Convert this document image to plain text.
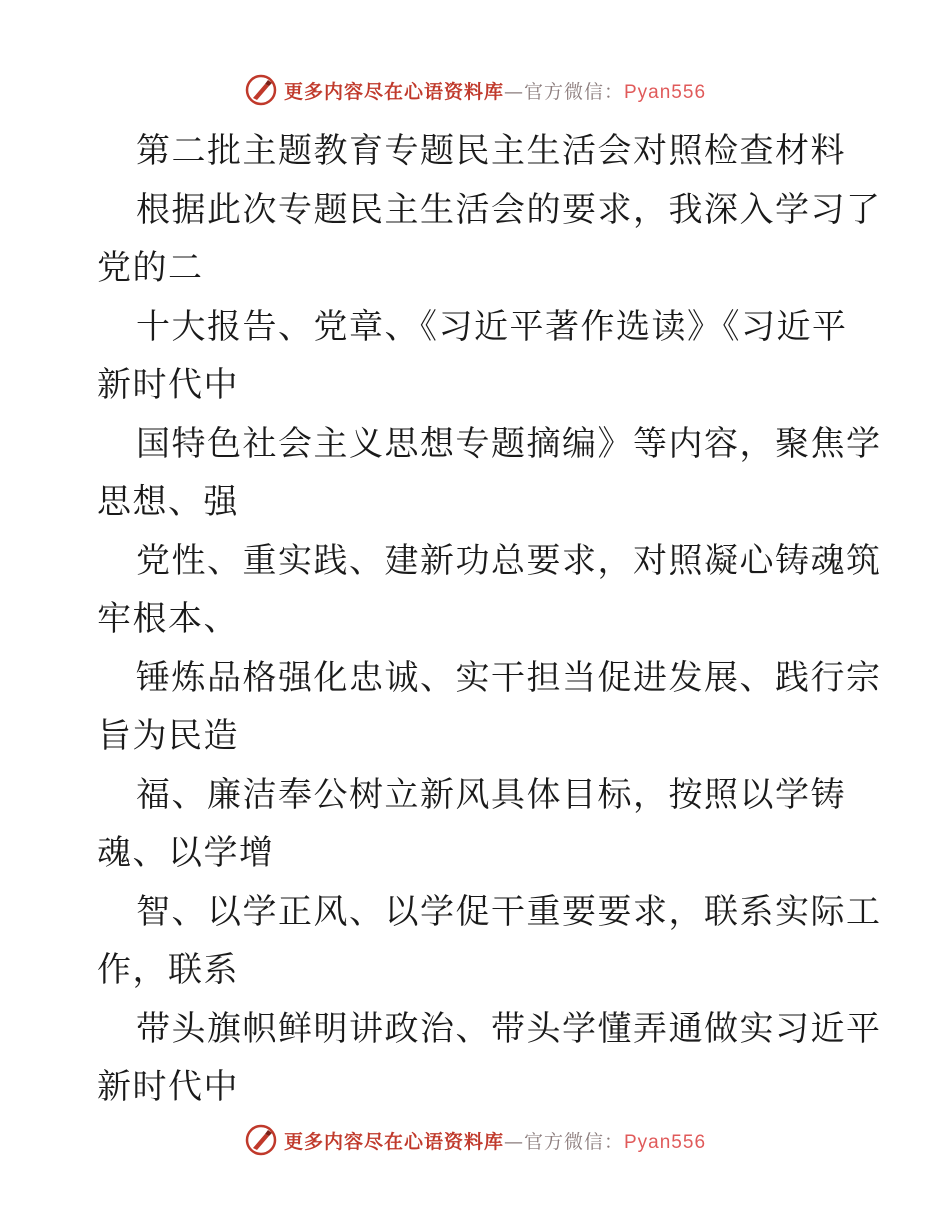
更多内容尽在心语资料库—官方微信：Pyan556
第二批主题教育专题民主生活会对照检查材料
根据此次专题民主生活会的要求，我深入学习了
党的二
十大报告、党章、《习近平著作选读》《习近平
新时代中
国特色社会主义思想专题摘编》等内容，聚焦学
思想、强
党性、重实践、建新功总要求，对照凝心铸魂筑
牢根本、
锤炼品格强化忠诚、实干担当促进发展、践行宗
旨为民造
福、廉洁奉公树立新风具体目标，按照以学铸
魂、以学增
智、以学正风、以学促干重要要求，联系实际工
作，联系
带头旗帜鲜明讲政治、带头学懂弄通做实习近平
新时代中
更多内容尽在心语资料库—官方微信：Pyan556
